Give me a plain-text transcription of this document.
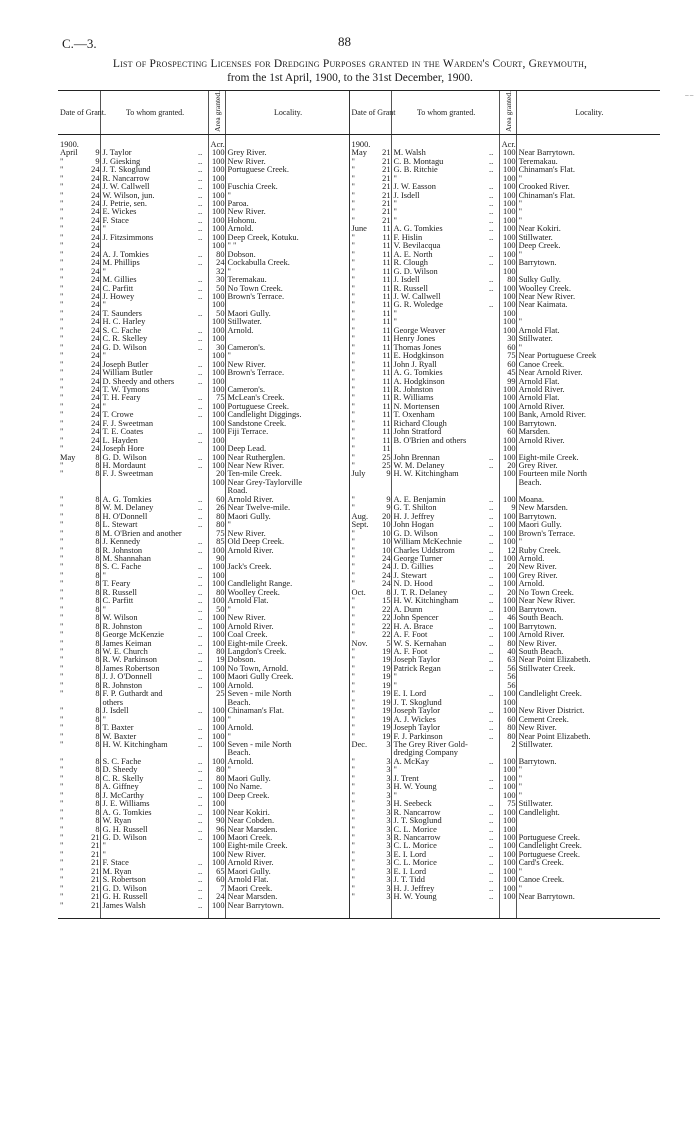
C.—3.	88
List of Prospecting Licenses for Dredging Purposes granted in the Warden's Court, Greymouth,
from the 1st April, 1900, to the 31st December, 1900.
Date of Grant.		To whom granted.		Area granted.	Locality.	Date of Grant		To whom granted.		Area granted.	Locality.

1900.				Acr.		1900.				Acr.	
April	9	J. Taylor	..	100	Grey River.	May	21	M. Walsh	..	100	Near Barrytown.
"	9	J. Giesking	..	100	New River.	"	21	C. B. Montagu	..	100	Teremakau.
"	24	J. T. Skoglund	..	100	Portuguese Creek.	"	21	G. B. Ritchie	..	100	Chinaman's Flat.
"	24	R. Nancarrow	..	100		"	21	"		100	"
"	24	J. W. Callwell	..	100	Fuschia Creek.	"	21	J. W. Easson	..	100	Crooked River.
"	24	W. Wilson, jun.	..	100	"	"	21	J. Isdell	..	100	Chinaman's Flat.
"	24	J. Petrie, sen.	..	100	Paroa.	"	21	"	..	100	"
"	24	E. Wickes	..	100	New River.	"	21	"	..	100	"
"	24	F. Stace	..	100	Hohonu.	"	21	"	..	100	"
"	24	"	..	100	Arnold.	June	11	A. G. Tomkies	..	100	Near Kokiri.
"	24	J. Fitzsimmons	..	100	Deep Creek, Kotuku.	"	11	F. Hislin	..	100	Stillwater.
"	24			100	" "	"	11	V. Bevilacqua		100	Deep Creek.
"	24	A. J. Tomkies	..	80	Dobson.	"	11	A. E. North	..	100	"
"	24	M. Phillips	..	24	Cockabulla Creek.	"	11	R. Clough	..	100	Barrytown.
"	24	"		32	"	"	11	G. D. Wilson		100	
"	24	M. Gillies	..	30	Teremakau.	"	11	J. Isdell	..	80	Sulky Gully.
"	24	C. Parfitt	..	50	No Town Creek.	"	11	R. Russell	..	100	Woolley Creek.
"	24	J. Howey	..	100	Brown's Terrace.	"	11	J. W. Callwell		100	Near New River.
"	24	"		100		"	11	G. R. Woledge	..	100	Near Kaimata.
"	24	T. Saunders	..	50	Maori Gully.	"	11	"		100	
"	24	H. C. Harley		100	Stillwater.	"	11	"		100	"
"	24	S. C. Fache	..	100	Arnold.	"	11	George Weaver		100	Arnold Flat.
"	24	C. R. Skelley	..	100		"	11	Henry Jones		30	Stillwater.
"	24	G. D. Wilson	..	30	Cameron's.	"	11	Thomas Jones		60	"
"	24	"		100	"	"	11	E. Hodgkinson		75	Near Portuguese Creek
"	24	Joseph Butler	..	100	New River.	"	11	John J. Ryall		60	Canoe Creek.
"	24	William Butler	..	100	Brown's Terrace.	"	11	A. G. Tomkies		45	Near Arnold River.
"	24	D. Sheedy and others	..	100		"	11	A. Hodgkinson		99	Arnold Flat.
"	24	T. W. Tymons		100	Cameron's.	"	11	R. Johnston		100	Arnold River.
"	24	T. H. Feary	..	75	McLean's Creek.	"	11	R. Williams		100	Arnold Flat.
"	24	"	..	100	Portuguese Creek.	"	11	N. Mortensen		100	Arnold River.
"	24	T. Crowe	..	100	Candlelight Diggings.	"	11	T. Oxenham		100	Bank, Arnold River.
"	24	F. J. Sweetman		100	Sandstone Creek.	"	11	Richard Clough		100	Barrytown.
"	24	T. E. Coates	..	100	Fiji Terrace.	"	11	John Stratford		60	Marsden.
"	24	L. Hayden	..	100		"	11	B. O'Brien and others		100	Arnold River.
"	24	Joseph Hore		100	Deep Lead.	"	11			100	
May	8	G. D. Wilson	..	100	Near Rutherglen.	"	25	John Brennan	..	100	Eight-mile Creek.
"	8	H. Mordaunt	..	100	Near New River.	"	25	W. M. Delaney	..	20	Grey River.
"	8	F. J. Sweetman		20	Ten-mile Creek.	July	9	H. W. Kitchingham		100	Fourteen mile North
				100	Near Grey-Taylorville						Beach.
					Road.						
"	8	A. G. Tomkies	..	60	Arnold River.	"	9	A. E. Benjamin	..	100	Moana.
"	8	W. M. Delaney	..	26	Near Twelve-mile.	"	9	G. T. Shilton	..	9	New Marsden.
"	8	H. O'Donnell	..	80	Maori Gully.	Aug.	20	H. J. Jeffrey	..	100	Barrytown.
"	8	L. Stewart	..	80	"	Sept.	10	John Hogan	..	100	Maori Gully.
"	8	M. O'Brien and another		75	New River.	"	10	G. D. Wilson	..	100	Brown's Terrace.
"	8	J. Kennedy	..	85	Old Deep Creek.	"	10	William McKechnie	..	100	"
"	8	R. Johnston	..	100	Arnold River.	"	10	Charles Uddstrom	..	12	Ruby Creek.
"	8	M. Shannahan		90		"	24	George Turner	..	100	Arnold.
"	8	S. C. Fache	..	100	Jack's Creek.	"	24	J. D. Gillies	..	20	New River.
"	8	"	..	100		"	24	J. Stewart	..	100	Grey River.
"	8	T. Feary	..	100	Candlelight Range.	"	24	N. D. Hood	..	100	Arnold.
"	8	R. Russell	..	80	Woolley Creek.	Oct.	8	J. T. R. Delaney	..	20	No Town Creek.
"	8	C. Parfitt	..	100	Arnold Flat.	"	15	H. W. Kitchingham	..	100	Near New River.
"	8	"	..	50	"	"	22	A. Dunn	..	100	Barrytown.
"	8	W. Wilson	..	100	New River.	"	22	John Spencer	..	46	South Beach.
"	8	R. Johnston	..	100	Arnold River.	"	22	H. A. Brace	..	100	Barrytown.
"	8	George McKenzie	..	100	Coal Creek.	"	22	A. F. Foot	..	100	Arnold River.
"	8	James Keiman	..	100	Eight-mile Creek.	Nov.	5	W. S. Kernahan	..	80	New River.
"	8	W. E. Church	..	80	Langdon's Creek.	"	19	A. F. Foot	..	40	South Beach.
"	8	R. W. Parkinson	..	19	Dobson.	"	19	Joseph Taylor	..	63	Near Point Elizabeth.
"	8	James Robertson	..	100	No Town, Arnold.	"	19	Patrick Regan	..	56	Stillwater Creek.
"	8	J. J. O'Donnell	..	100	Maori Gully Creek.	"	19	"		56	
"	8	R. Johnston	..	100	Arnold.	"	19	"		56	
"	8	F. P. Guthardt and		25	Seven - mile North	"	19	E. I. Lord	..	100	Candlelight Creek.
		others			Beach.	"	19	J. T. Skoglund		100	
"	8	J. Isdell	..	100	Chinaman's Flat.	"	19	Joseph Taylor	..	100	New River District.
"	8	"		100	"	"	19	A. J. Wickes	..	60	Cement Creek.
"	8	T. Baxter	..	100	Arnold.	"	19	Joseph Taylor	..	80	New River.
"	8	W. Baxter	..	100	"	"	19	F. J. Parkinson	..	80	Near Point Elizabeth.
"	8	H. W. Kitchingham	..	100	Seven - mile North	Dec.	3	The Grey River Gold-		2	Stillwater.
					Beach.			dredging Company			
"	8	S. C. Fache	..	100	Arnold.	"	3	A. McKay	..	100	Barrytown.
"	8	D. Sheedy	..	80	"	"	3	"		100	"
"	8	C. R. Skelly	..	80	Maori Gully.	"	3	J. Trent	..	100	"
"	8	A. Giffney	..	100	No Name.	"	3	H. W. Young	..	100	"
"	8	J. McCarthy	..	100	Deep Creek.	"	3	"		100	"
"	8	J. E. Williams	..	100		"	3	H. Seebeck	..	75	Stillwater.
"	8	A. G. Tomkies	..	100	Near Kokiri.	"	3	R. Nancarrow	..	100	Candlelight.
"	8	W. Ryan	..	90	Near Cobden.	"	3	J. T. Skoglund	..	100	
"	8	G. H. Russell	..	96	Near Marsden.	"	3	C. L. Morice	..	100	
"	21	G. D. Wilson	..	100	Maori Creek.	"	3	R. Nancarrow	..	100	Portuguese Creek.
"	21	"		100	Eight-mile Creek.	"	3	C. L. Morice	..	100	Candlelight Creek.
"	21	"		100	New River.	"	3	E. I. Lord	..	100	Portuguese Creek.
"	21	F. Stace	..	100	Arnold River.	"	3	C. L. Morice	..	100	Card's Creek.
"	21	M. Ryan	..	65	Maori Gully.	"	3	E. I. Lord	..	100	"
"	21	S. Robertson	..	60	Arnold Flat.	"	3	J. T. Tidd	..	100	Canoe Creek.
"	21	G. D. Wilson	..	7	Maori Creek.	"	3	H. J. Jeffrey	..	100	"
"	21	G. H. Russell	..	24	Near Marsden.	"	3	H. W. Young	..	100	Near Barrytown.
"	21	James Walsh	..	100	Near Barrytown.						

⁻⁻
